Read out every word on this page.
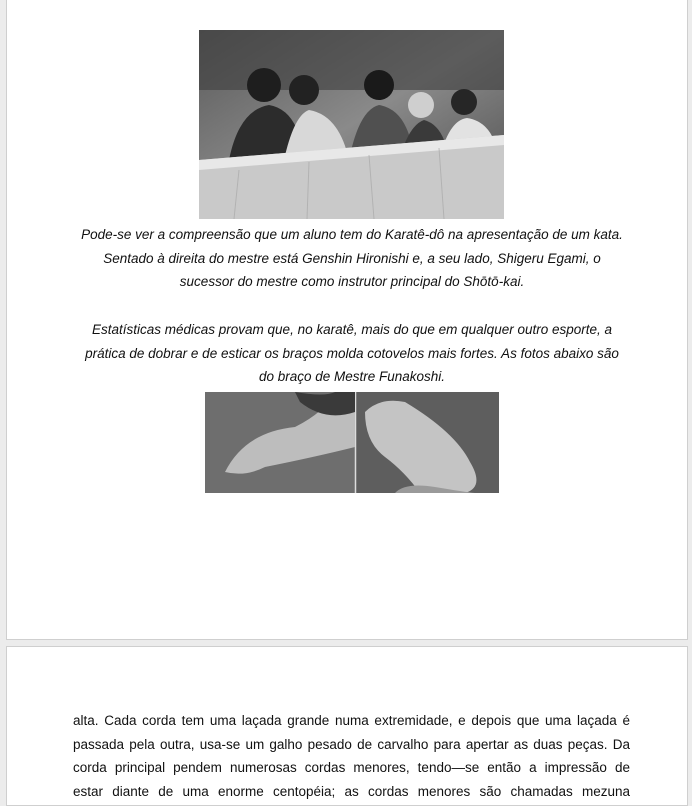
Pode-se ver a compreensão que um aluno tem do Karatê-dô na apresentação de um kata.
Sentado à direita do mestre está Genshin Hironishi e, a seu lado, Shigeru Egami, o
sucessor do mestre como instrutor principal do Shōtō-kai.
Estatísticas médicas provam que, no karatê, mais do que em qualquer outro esporte, a
prática de dobrar e de esticar os braços molda cotovelos mais fortes. As fotos abaixo são
do braço de Mestre Funakoshi.
alta. Cada corda tem uma laçada grande numa extremidade, e depois que uma laçada é
passada pela outra, usa-se um galho pesado de carvalho para apertar as duas peças. Da
corda principal pendem numerosas cordas menores, tendo—se então a impressão de
estar diante de uma enorme centopéia; as cordas menores são chamadas mezuna
